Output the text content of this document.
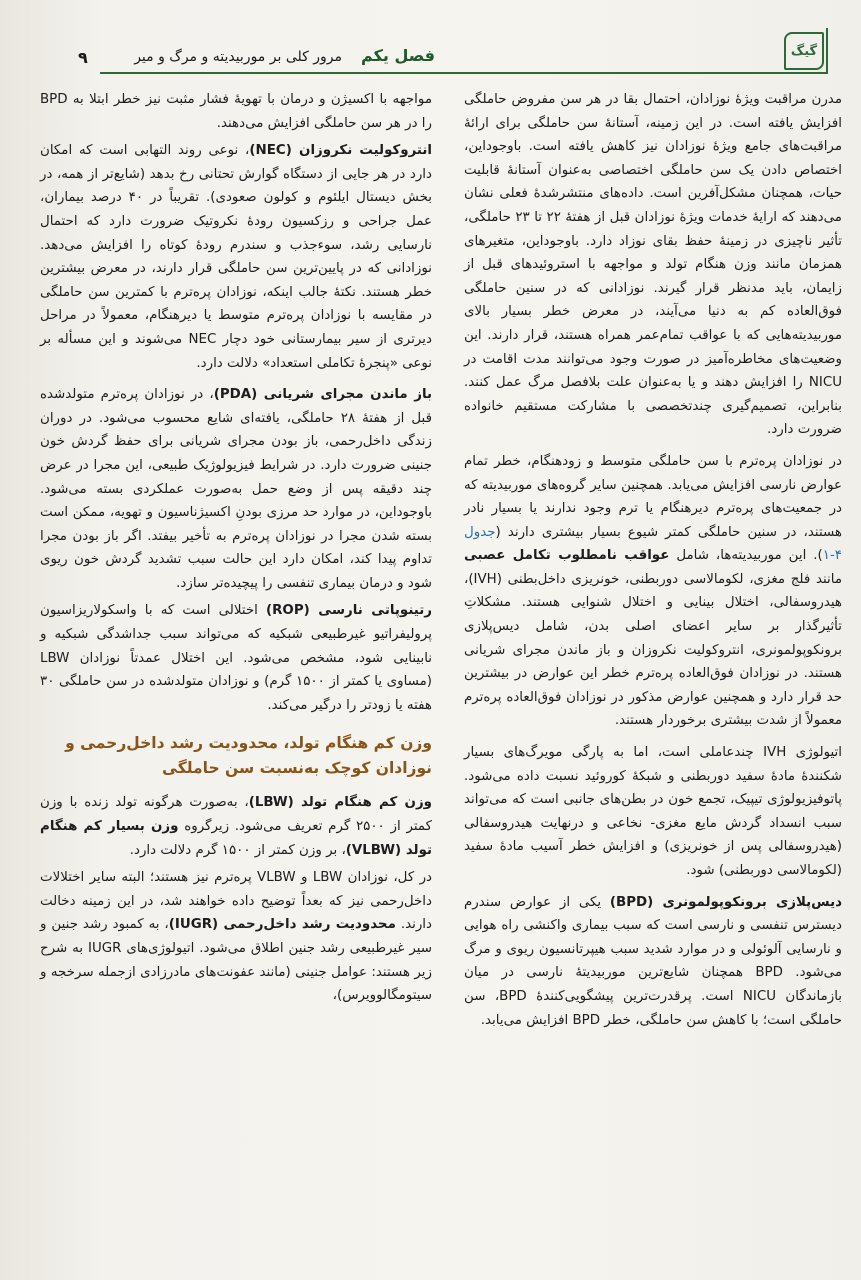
گیگ
فصل یکم
مرور کلی بر موربیدیته و مرگ و میر
۹

مدرن مراقبت ویژهٔ نوزادان، احتمال بقا در هر سن مفروض حاملگی افزایش یافته است. در این زمینه، آستانهٔ سن حاملگی برای ارائهٔ مراقبت‌های جامع ویژهٔ نوزادان نیز کاهش یافته است. باوجوداین، اختصاص دادن یک سن حاملگی اختصاصی به‌عنوان آستانهٔ قابلیت حیات، همچنان مشکل‌آفرین است. داده‌های منتشرشدهٔ فعلی نشان می‌دهند که ارایهٔ خدمات ویژهٔ نوزادان قبل از هفتهٔ ۲۲ تا ۲۳ حاملگی، تأثیر ناچیزی در زمینهٔ حفظ بقای نوزاد دارد. باوجوداین، متغیرهای همزمان مانند وزن هنگام تولد و مواجهه با استروئیدهای قبل از زایمان، باید مدنظر قرار گیرند. نوزادانی که در سنین حاملگی فوق‌العاده کم به دنیا می‌آیند، در معرض خطر بسیار بالای موربیدیته‌هایی که با عواقب تمام‌عمر همراه هستند، قرار دارند. این وضعیت‌های مخاطره‌آمیز در صورت وجود می‌توانند مدت اقامت در NICU را افزایش دهند و یا به‌عنوان علت بلافصل مرگ عمل کنند. بنابراین، تصمیم‌گیری چندتخصصی با مشارکت مستقیم خانواده ضرورت دارد.

در نوزادان پره‌ترم با سن حاملگی متوسط و زودهنگام، خطر تمام عوارض نارسی افزایش می‌یابد. همچنین سایر گروه‌های موربیدیته که در جمعیت‌های پره‌ترم دیرهنگام یا ترم وجود ندارند یا بسیار نادر هستند، در سنین حاملگی کمتر شیوع بسیار بیشتری دارند (جدول ۴-۱). این موربیدیته‌ها، شامل عواقب نامطلوب تکامل عصبی مانند فلج مغزی، لکومالاسی دوربطنی، خونریزی داخل‌بطنی (IVH)، هیدروسفالی، اختلال بینایی و اختلال شنوایی هستند. مشکلاتِ تأثیرگذار بر سایر اعضای اصلی بدن، شامل دیس‌پلازی برونکوپولمونری، انتروکولیت نکروزان و باز ماندن مجرای شریانی هستند. در نوزادان فوق‌العاده پره‌ترم خطر این عوارض در بیشترین حد قرار دارد و همچنین عوارض مذکور در نوزادان فوق‌العاده پره‌ترم معمولاً از شدت بیشتری برخوردار هستند.

اتیولوژی IVH چندعاملی است، اما به پارگی مویرگ‌های بسیار شکنندهٔ مادهٔ سفید دوربطنی و شبکهٔ کوروئید نسبت داده می‌شود. پاتوفیزیولوژی تیپیک، تجمع خون در بطن‌های جانبی است که می‌تواند سبب انسداد گردش مایع مغزی- نخاعی و درنهایت هیدروسفالی (هیدروسفالی پس از خونریزی) و افزایش خطر آسیب مادهٔ سفید (لکومالاسی دوربطنی) شود.

دیس‌پلازی برونکوپولمونری (BPD) یکی از عوارض سندرم دیسترس تنفسی و نارسی است که سبب بیماری واکنشی راه هوایی و نارسایی آلوئولی و در موارد شدید سبب هیپرتانسیون ریوی و مرگ می‌شود. BPD همچنان شایع‌ترین موربیدیتهٔ نارسی در میان بازماندگان NICU است. پرقدرت‌ترین پیشگویی‌کنندهٔ BPD، سن حاملگی است؛ با کاهش سن حاملگی، خطر BPD افزایش می‌یابد.

مواجهه با اکسیژن و درمان با تهویهٔ فشار مثبت نیز خطر ابتلا به BPD را در هر سن حاملگی افزایش می‌دهند.

انتروکولیت نکروزان (NEC)، نوعی روند التهابی است که امکان دارد در هر جایی از دستگاه گوارش تحتانی رخ بدهد (شایع‌تر از همه، در بخش دیستال ایلئوم و کولون صعودی). تقریباً در ۴۰ درصد بیماران، عمل جراحی و رزکسیون رودهٔ نکروتیک ضرورت دارد که احتمال نارسایی رشد، سوء‌جذب و سندرم رودهٔ کوتاه را افزایش می‌دهد. نوزادانی که در پایین‌ترین سن حاملگی قرار دارند، در معرض بیشترین خطر هستند. نکتهٔ جالب اینکه، نوزادان پره‌ترم با کمترین سن حاملگی در مقایسه با نوزادان پره‌ترم متوسط یا دیرهنگام، معمولاً در مراحل دیرتری از سیر بیمارستانی خود دچار NEC می‌شوند و این مسأله بر نوعی «پنجرهٔ تکاملی استعداد» دلالت دارد.

باز ماندن مجرای شریانی (PDA)، در نوزادان پره‌ترم متولدشده قبل از هفتهٔ ۲۸ حاملگی، یافته‌ای شایع محسوب می‌شود. در دوران زندگی داخل‌رحمی، باز بودن مجرای شریانی برای حفظ گردش خون جنینی ضرورت دارد. در شرایط فیزیولوژیک طبیعی، این مجرا در عرض چند دقیقه پس از وضع حمل به‌صورت عملکردی بسته می‌شود. باوجوداین، در موارد حد مرزی بودنِ اکسیژناسیون و تهویه، ممکن است بسته شدن مجرا در نوزادان پره‌ترم به تأخیر بیفتد. اگر باز بودن مجرا تداوم پیدا کند، امکان دارد این حالت سبب تشدید گردش خون ریوی شود و درمان بیماری تنفسی را پیچیده‌تر سازد.

رتینوپاتی نارسی (ROP) اختلالی است که با واسکولاریزاسیون پرولیفراتیو غیرطبیعی شبکیه که می‌تواند سبب جداشدگی شبکیه و نابینایی شود، مشخص می‌شود. این اختلال عمدتاً نوزادان LBW (مساوی یا کمتر از ۱۵۰۰ گرم) و نوزادان متولدشده در سن حاملگی ۳۰ هفته یا زودتر را درگیر می‌کند.

وزن کم هنگام تولد، محدودیت رشد داخل‌رحمی و نوزادان کوچک به‌نسبت سن حاملگی

وزن کم هنگام تولد (LBW)، به‌صورت هرگونه تولد زنده با وزن کمتر از ۲۵۰۰ گرم تعریف می‌شود. زیرگروه وزن بسیار کم هنگام تولد (VLBW)، بر وزن کمتر از ۱۵۰۰ گرم دلالت دارد.

در کل، نوزادان LBW و VLBW پره‌ترم نیز هستند؛ البته سایر اختلالات داخل‌رحمی نیز که بعداً توضیح داده خواهند شد، در این زمینه دخالت دارند. محدودیت رشد داخل‌رحمی (IUGR)، به کمبود رشد جنین و سیر غیرطبیعی رشد جنین اطلاق می‌شود. اتیولوژی‌های IUGR به شرح زیر هستند: عوامل جنینی (مانند عفونت‌های مادرزادی ازجمله سرخجه و سیتومگالوویرس)،
